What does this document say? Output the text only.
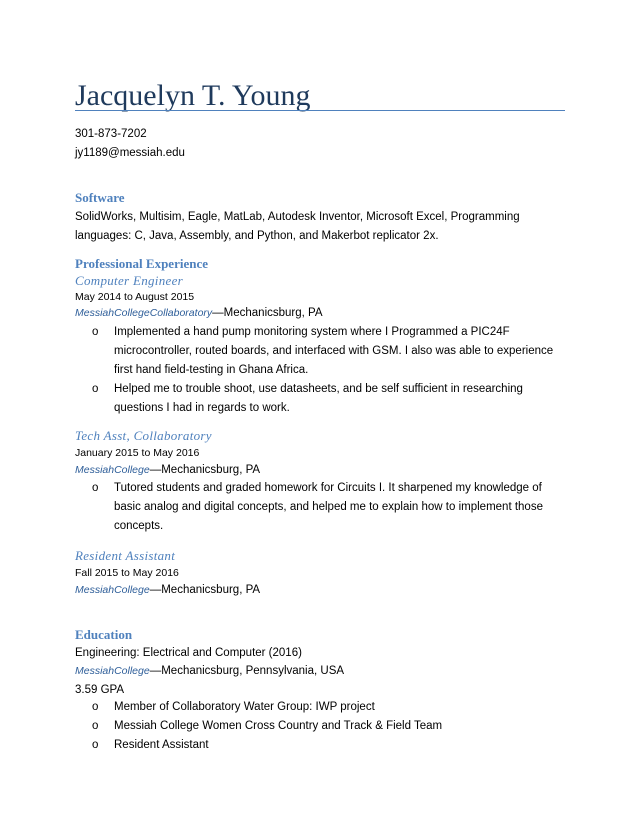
Jacquelyn T. Young
301-873-7202
jy1189@messiah.edu
Software
SolidWorks, Multisim, Eagle, MatLab, Autodesk Inventor, Microsoft Excel, Programming
languages: C, Java, Assembly, and Python, and Makerbot replicator 2x.
Professional Experience
Computer Engineer
May 2014 to August 2015
MessiahCollegeCollaboratory—Mechanicsburg, PA
o Implemented a hand pump monitoring system where I Programmed a PIC24F microcontroller, routed boards, and interfaced with GSM. I also was able to experience first hand field-testing in Ghana Africa.
o Helped me to trouble shoot, use datasheets, and be self sufficient in researching questions I had in regards to work.
Tech Asst, Collaboratory
January 2015 to May 2016
MessiahCollege—Mechanicsburg, PA
o Tutored students and graded homework for Circuits I. It sharpened my knowledge of basic analog and digital concepts, and helped me to explain how to implement those concepts.
Resident Assistant
Fall 2015 to May 2016
MessiahCollege—Mechanicsburg, PA
Education
Engineering: Electrical and Computer (2016)
MessiahCollege—Mechanicsburg, Pennsylvania, USA
3.59 GPA
o Member of Collaboratory Water Group: IWP project
o Messiah College Women Cross Country and Track & Field Team
o Resident Assistant
